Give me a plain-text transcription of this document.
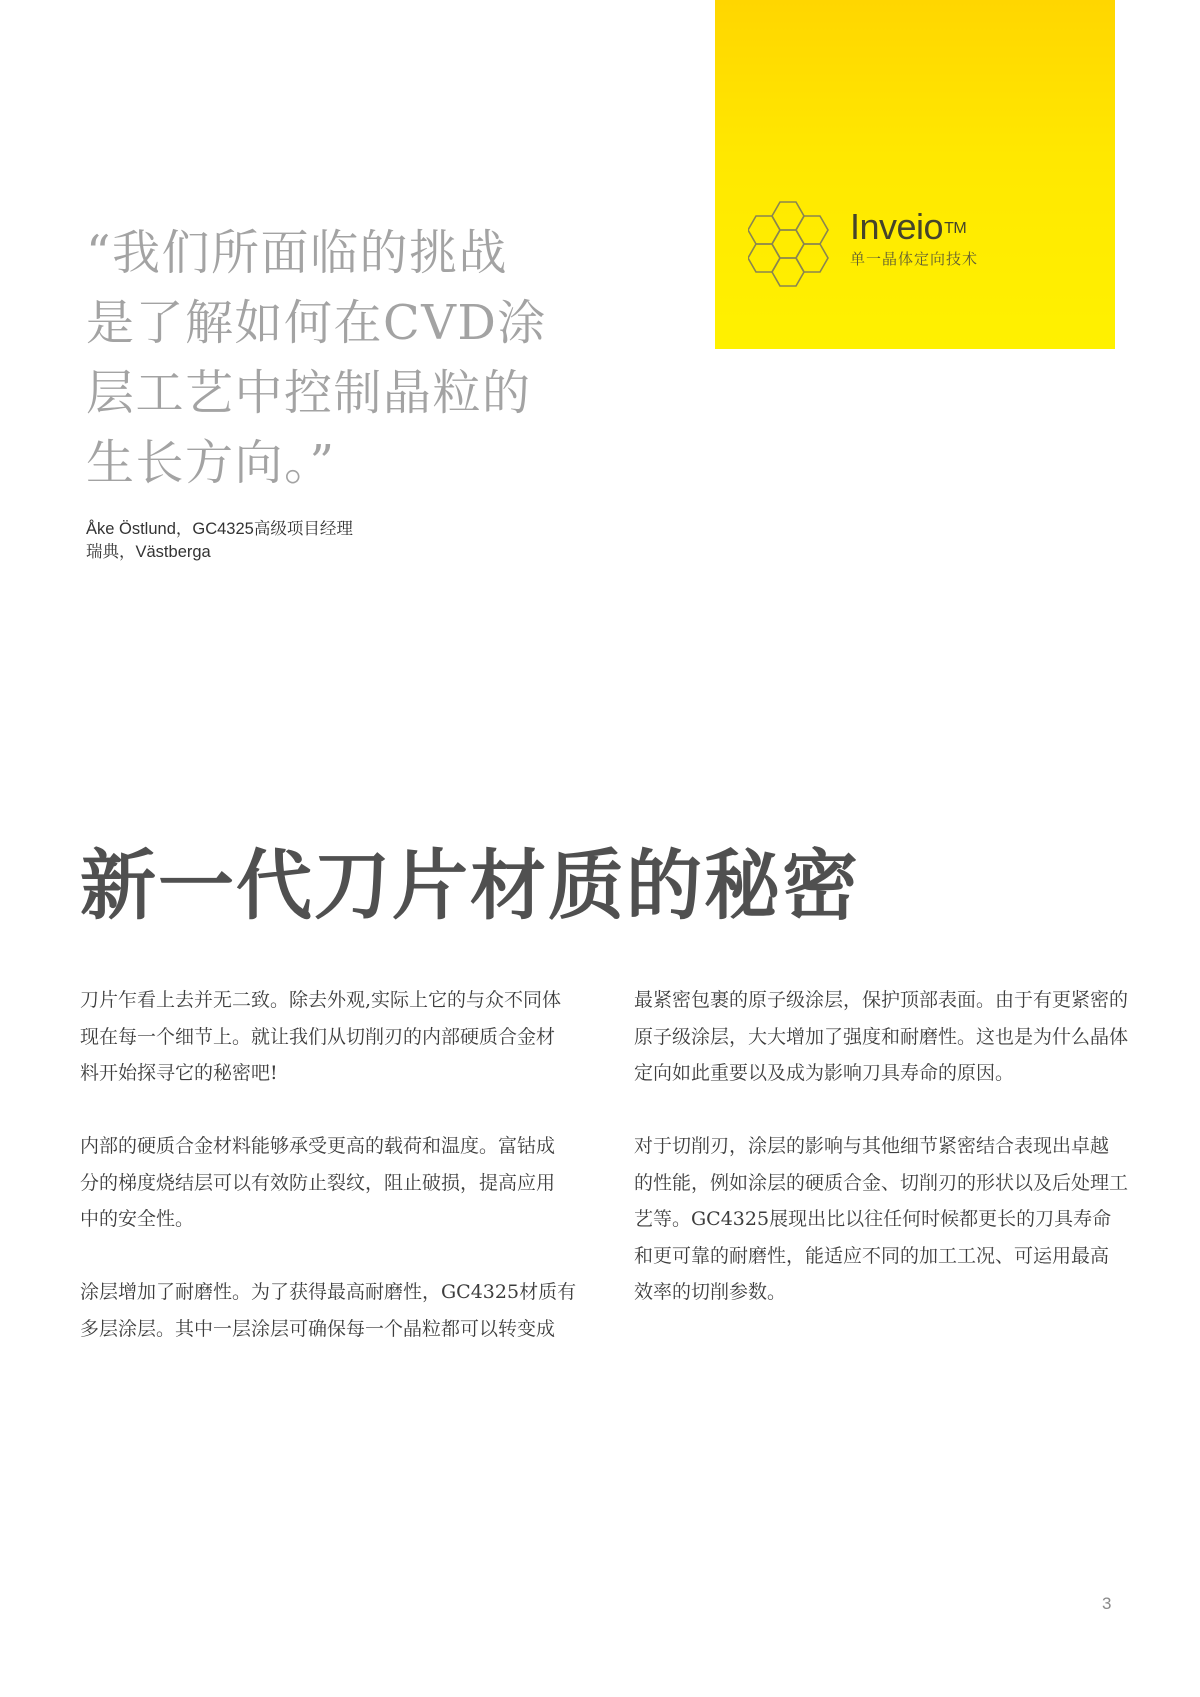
Inveio™
单一晶体定向技术
“我们所面临的挑战
是了解如何在CVD涂
层工艺中控制晶粒的
生长方向。”
Åke Östlund，GC4325高级项目经理
瑞典，Västberga
新一代刀片材质的秘密

刀片乍看上去并无二致。除去外观,实际上它的与众不同体
现在每一个细节上。就让我们从切削刃的内部硬质合金材
料开始探寻它的秘密吧!

内部的硬质合金材料能够承受更高的载荷和温度。富钴成
分的梯度烧结层可以有效防止裂纹，阻止破损，提高应用
中的安全性。

涂层增加了耐磨性。为了获得最高耐磨性，GC4325材质有
多层涂层。其中一层涂层可确保每一个晶粒都可以转变成

最紧密包裹的原子级涂层，保护顶部表面。由于有更紧密的
原子级涂层，大大增加了强度和耐磨性。这也是为什么晶体
定向如此重要以及成为影响刀具寿命的原因。

对于切削刃，涂层的影响与其他细节紧密结合表现出卓越
的性能，例如涂层的硬质合金、切削刃的形状以及后处理工
艺等。GC4325展现出比以往任何时候都更长的刀具寿命
和更可靠的耐磨性，能适应不同的加工工况、可运用最高
效率的切削参数。

3
